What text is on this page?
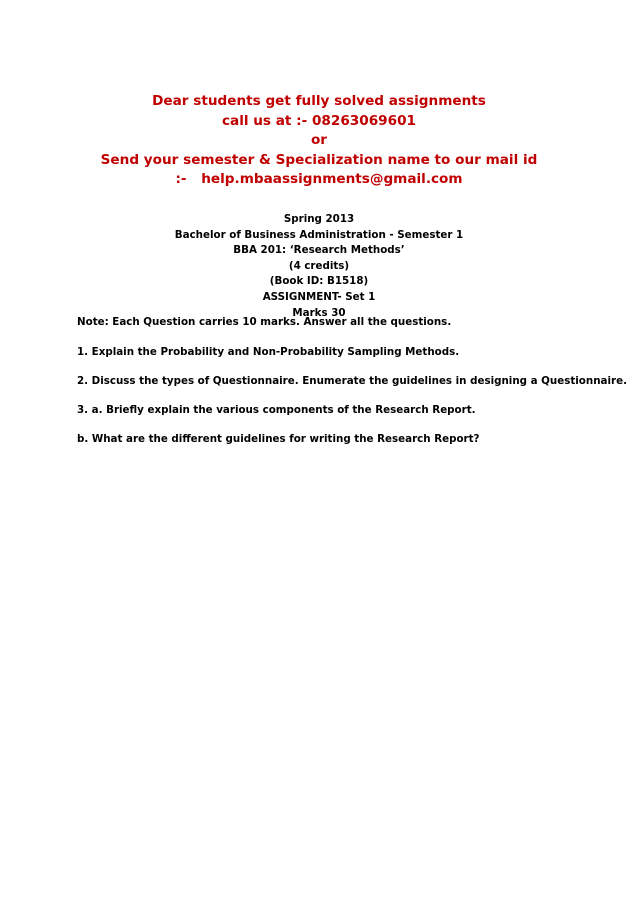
Dear students get fully solved assignments
call us at :- 08263069601
or
Send your semester & Specialization name to our mail id
:- help.mbaassignments@gmail.com
Spring 2013
Bachelor of Business Administration - Semester 1
BBA 201: ‘Research Methods’
(4 credits)
(Book ID: B1518)
ASSIGNMENT- Set 1
Marks 30
Note: Each Question carries 10 marks. Answer all the questions.
1. Explain the Probability and Non-Probability Sampling Methods.
2. Discuss the types of Questionnaire. Enumerate the guidelines in designing a Questionnaire.
3. a. Briefly explain the various components of the Research Report.
b. What are the different guidelines for writing the Research Report?
